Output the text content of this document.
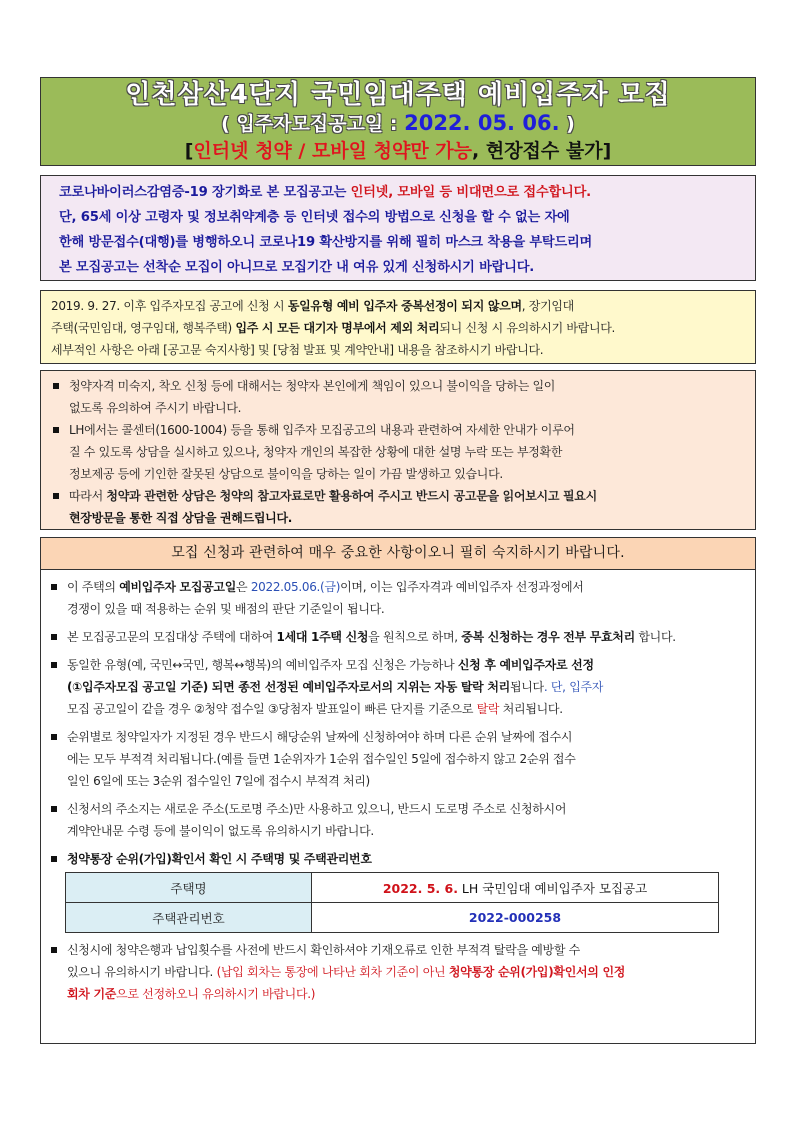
인천삼산4단지 국민임대주택 예비입주자 모집
( 입주자모집공고일 : 2022. 05. 06. )
[인터넷 청약 / 모바일 청약만 가능, 현장접수 불가]

코로나바이러스감염증-19 장기화로 본 모집공고는 인터넷, 모바일 등 비대면으로 접수합니다.

단, 65세 이상 고령자 및 정보취약계층 등 인터넷 접수의 방법으로 신청을 할 수 없는 자에

한해 방문접수(대행)를 병행하오니 코로나19 확산방지를 위해 필히 마스크 착용을 부탁드리며

본 모집공고는 선착순 모집이 아니므로 모집기간 내 여유 있게 신청하시기 바랍니다.

2019. 9. 27. 이후 입주자모집 공고에 신청 시 동일유형 예비 입주자 중복선정이 되지 않으며, 장기임대

주택(국민임대, 영구임대, 행복주택) 입주 시 모든 대기자 명부에서 제외 처리되니 신청 시 유의하시기 바랍니다.

세부적인 사항은 아래 [공고문 숙지사항] 및 [당첨 발표 및 계약안내] 내용을 참조하시기 바랍니다.

청약자격 미숙지, 착오 신청 등에 대해서는 청약자 본인에게 책임이 있으니 불이익을 당하는 일이
없도록 유의하여 주시기 바랍니다.
LH에서는 콜센터(1600-1004) 등을 통해 입주자 모집공고의 내용과 관련하여 자세한 안내가 이루어
질 수 있도록 상담을 실시하고 있으나, 청약자 개인의 복잡한 상황에 대한 설명 누락 또는 부정확한
정보제공 등에 기인한 잘못된 상담으로 불이익을 당하는 일이 가끔 발생하고 있습니다.
따라서 청약과 관련한 상담은 청약의 참고자료로만 활용하여 주시고 반드시 공고문을 읽어보시고 필요시
현장방문을 통한 직접 상담을 권해드립니다.
모집 신청과 관련하여 매우 중요한 사항이오니 필히 숙지하시기 바랍니다.
이 주택의 예비입주자 모집공고일은 2022.05.06.(금)이며, 이는 입주자격과 예비입주자 선정과정에서
경쟁이 있을 때 적용하는 순위 및 배점의 판단 기준일이 됩니다.
본 모집공고문의 모집대상 주택에 대하여 1세대 1주택 신청을 원칙으로 하며, 중복 신청하는 경우 전부 무효처리 합니다.
동일한 유형(예, 국민↔국민, 행복↔행복)의 예비입주자 모집 신청은 가능하나 신청 후 예비입주자로 선정
(①입주자모집 공고일 기준) 되면 종전 선정된 예비입주자로서의 지위는 자동 탈락 처리됩니다. 단, 입주자
모집 공고일이 같을 경우 ②청약 접수일 ③당첨자 발표일이 빠른 단지를 기준으로 탈락 처리됩니다.
순위별로 청약일자가 지정된 경우 반드시 해당순위 날짜에 신청하여야 하며 다른 순위 날짜에 접수시
에는 모두 부적격 처리됩니다.(예를 들면 1순위자가 1순위 접수일인 5일에 접수하지 않고 2순위 접수
일인 6일에 또는 3순위 접수일인 7일에 접수시 부적격 처리)
신청서의 주소지는 새로운 주소(도로명 주소)만 사용하고 있으니, 반드시 도로명 주소로 신청하시어
계약안내문 수령 등에 불이익이 없도록 유의하시기 바랍니다.
청약통장 순위(가입)확인서 확인 시 주택명 및 주택관리번호
주택명	2022. 5. 6. LH 국민임대 예비입주자 모집공고
주택관리번호	2022-000258
신청시에 청약은행과 납입횟수를 사전에 반드시 확인하셔야 기재오류로 인한 부적격 탈락을 예방할 수
있으니 유의하시기 바랍니다. (납입 회차는 통장에 나타난 회차 기준이 아닌 청약통장 순위(가입)확인서의 인정
회차 기준으로 선정하오니 유의하시기 바랍니다.)
